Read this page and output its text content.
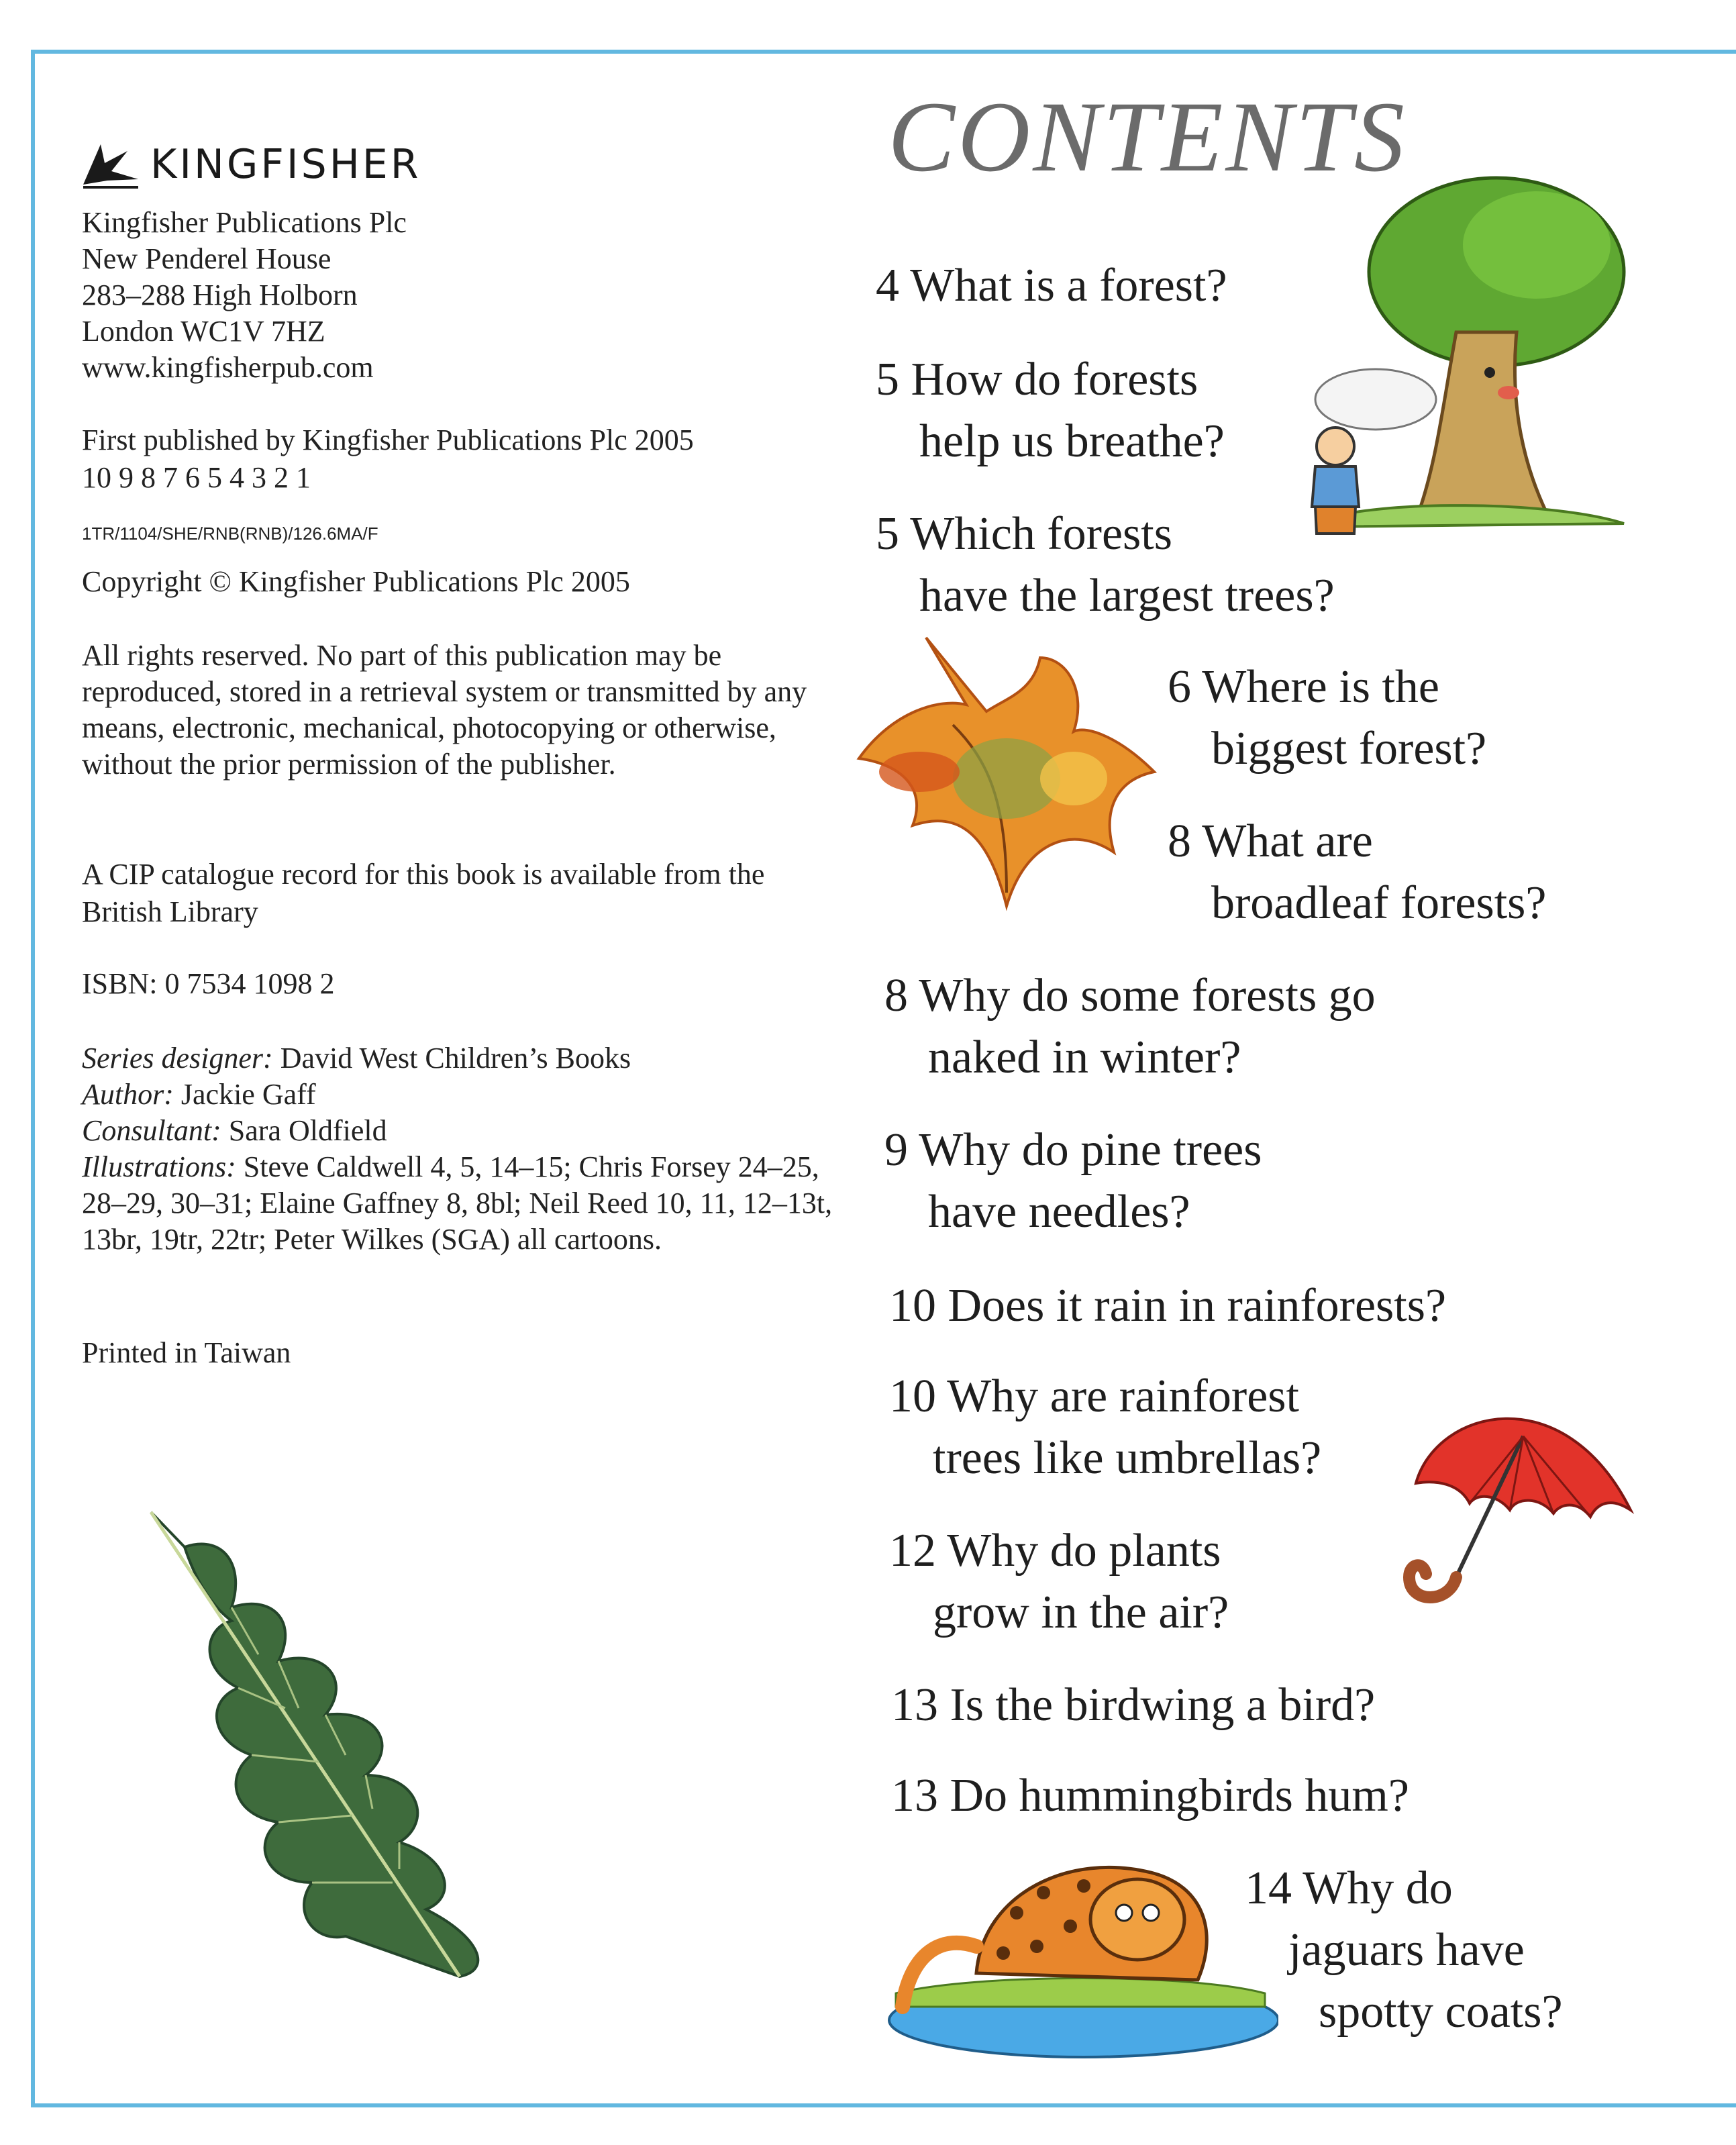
KINGFISHER
Kingfisher Publications Plc
New Penderel House
283–288 High Holborn
London WC1V 7HZ
www.kingfisherpub.com
First published by Kingfisher Publications Plc 2005
10 9 8 7 6 5 4 3 2 1
1TR/1104/SHE/RNB(RNB)/126.6MA/F
Copyright © Kingfisher Publications Plc 2005
All rights reserved. No part of this publication may be reproduced, stored in a retrieval system or transmitted by any means, electronic, mechanical, photocopying or otherwise, without the prior permission of the publisher.
A CIP catalogue record for this book is available from the British Library
ISBN: 0 7534 1098 2
Series designer: David West Children’s Books
Author: Jackie Gaff
Consultant: Sara Oldfield
Illustrations: Steve Caldwell 4, 5, 14–15; Chris Forsey 24–25, 28–29, 30–31; Elaine Gaffney 8, 8bl; Neil Reed 10, 11, 12–13t, 13br, 19tr, 22tr; Peter Wilkes (SGA) all cartoons.
Printed in Taiwan
CONTENTS
4 What is a forest?
5 How do forests
help us breathe?
5 Which forests
have the largest trees?
6 Where is the
biggest forest?
8 What are
broadleaf forests?
8 Why do some forests go
naked in winter?
9 Why do pine trees
have needles?
10 Does it rain in rainforests?
10 Why are rainforest
trees like umbrellas?
12 Why do plants
grow in the air?
13 Is the birdwing a bird?
13 Do hummingbirds hum?
14 Why do
jaguars have
spotty coats?
